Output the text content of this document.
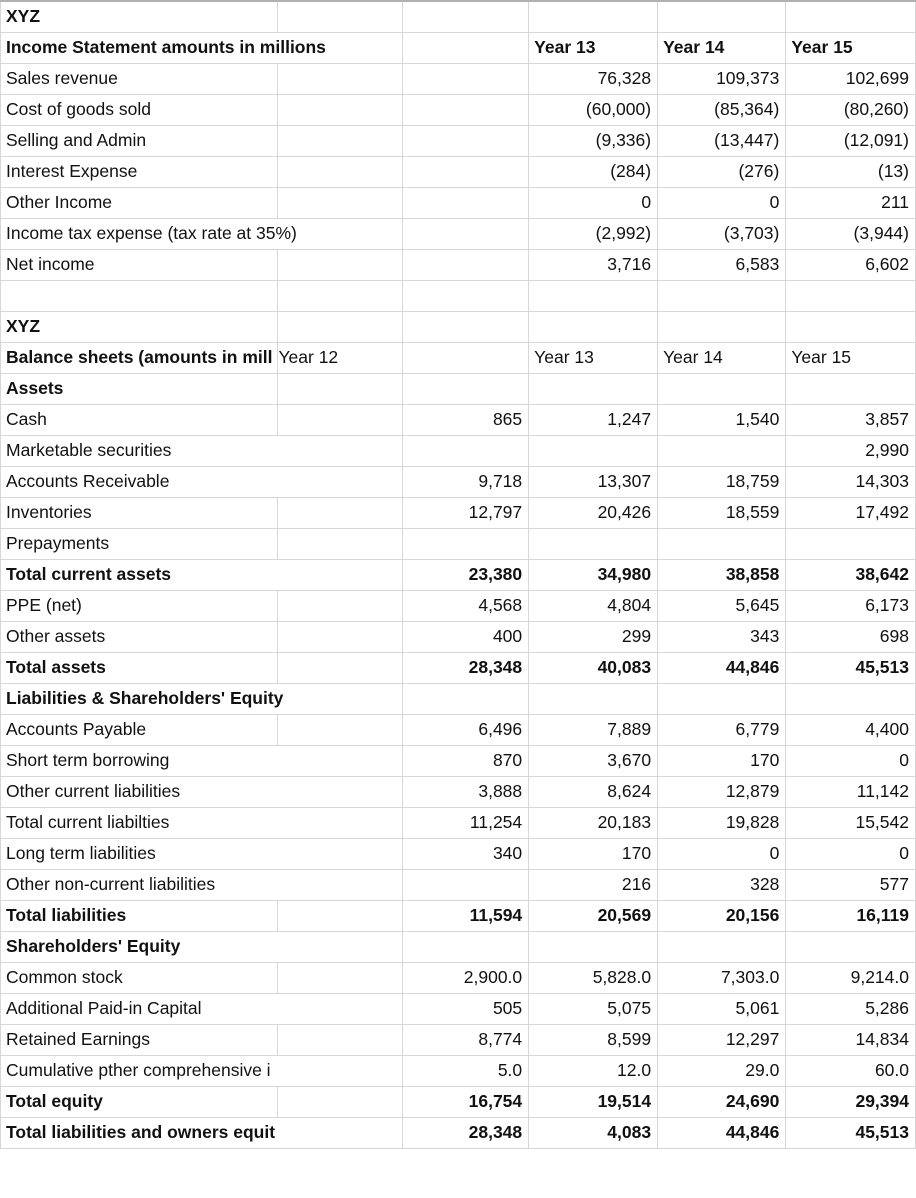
XYZ					
Income Statement amounts in millions			Year 13	Year 14	Year 15
Sales revenue			76,328	109,373	102,699
Cost of goods sold			(60,000)	(85,364)	(80,260)
Selling and Admin			(9,336)	(13,447)	(12,091)
Interest Expense			(284)	(276)	(13)
Other Income			0	0	211
Income tax expense (tax rate at 35%)			(2,992)	(3,703)	(3,944)
Net income			3,716	6,583	6,602

XYZ					
Balance sheets (amounts in mill	Year 12		Year 13	Year 14	Year 15
Assets					
Cash		865	1,247	1,540	3,857
Marketable securities					2,990
Accounts Receivable		9,718	13,307	18,759	14,303
Inventories		12,797	20,426	18,559	17,492
Prepayments					
Total current assets		23,380	34,980	38,858	38,642
PPE (net)		4,568	4,804	5,645	6,173
Other assets		400	299	343	698
Total assets		28,348	40,083	44,846	45,513
Liabilities & Shareholders' Equity					
Accounts Payable		6,496	7,889	6,779	4,400
Short term borrowing		870	3,670	170	0
Other current liabilities		3,888	8,624	12,879	11,142
Total current liabilties		11,254	20,183	19,828	15,542
Long term liabilities		340	170	0	0
Other non-current liabilities			216	328	577
Total liabilities		11,594	20,569	20,156	16,119
Shareholders' Equity					
Common stock		2,900.0	5,828.0	7,303.0	9,214.0
Additional Paid-in Capital		505	5,075	5,061	5,286
Retained Earnings		8,774	8,599	12,297	14,834
Cumulative pther comprehensive i		5.0	12.0	29.0	60.0
Total equity		16,754	19,514	24,690	29,394
Total liabilities and owners equit		28,348	4,083	44,846	45,513
